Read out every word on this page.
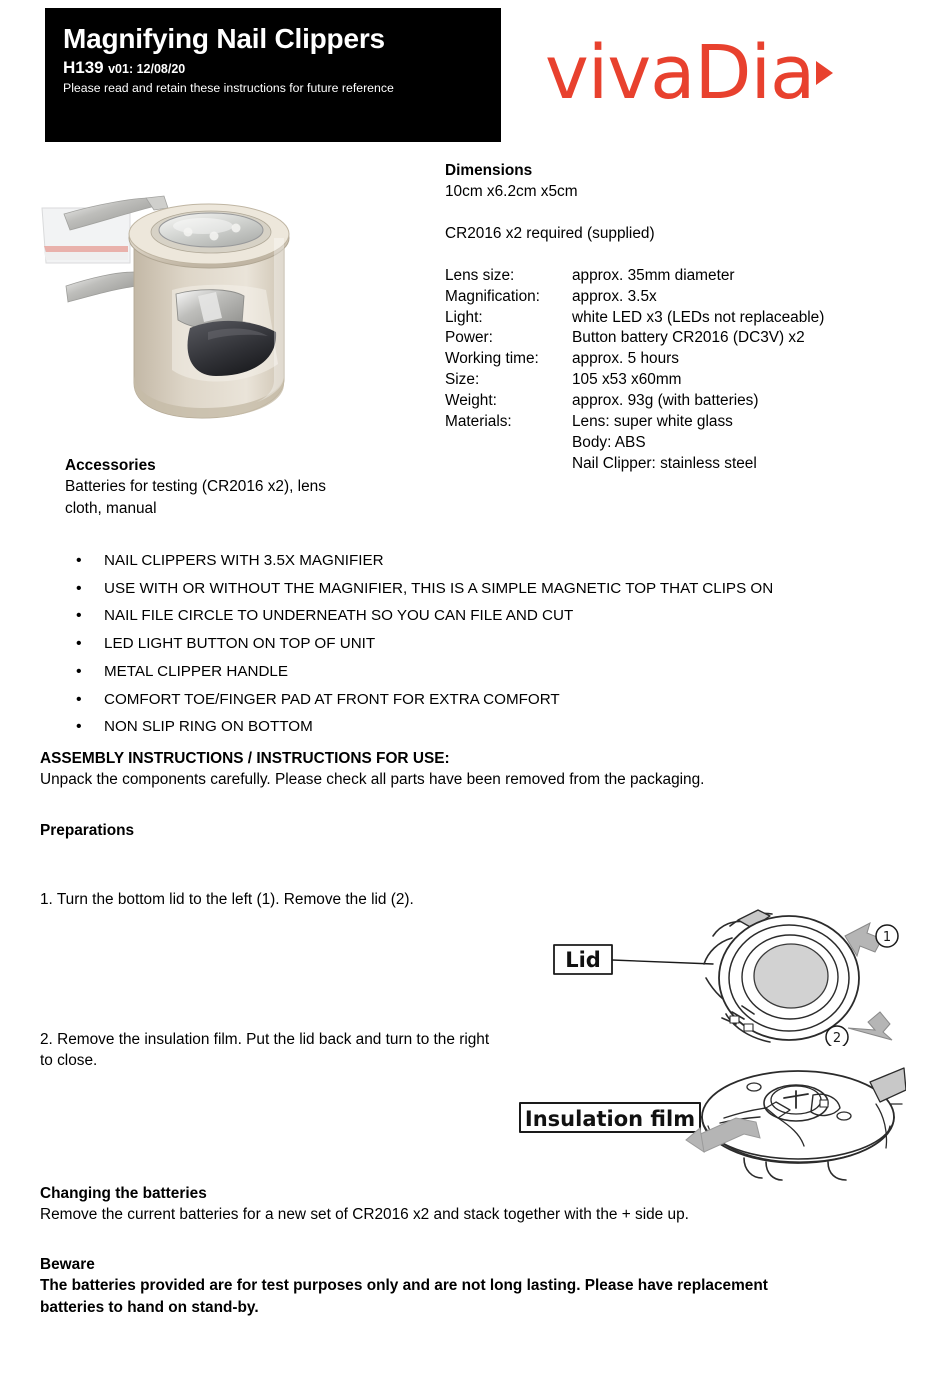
Magnifying Nail Clippers
H139 v01: 12/08/20
Please read and retain these instructions for future reference	vivaDia
Dimensions
10cm x6.2cm x5cm
CR2016 x2 required (supplied)
Lens size:	approx. 35mm diameter
Magnification:	approx. 3.5x
Light:	white LED x3 (LEDs not replaceable)
Power:	Button battery CR2016 (DC3V) x2
Working time:	approx. 5 hours
Size:	105 x53 x60mm
Weight:	approx. 93g (with batteries)
Materials:	Lens: super white glass
	Body: ABS
	Nail Clipper: stainless steel
Accessories
Batteries for testing (CR2016 x2), lens
cloth, manual
• NAIL CLIPPERS WITH 3.5X MAGNIFIER
• USE WITH OR WITHOUT THE MAGNIFIER, THIS IS A SIMPLE MAGNETIC TOP THAT CLIPS ON
• NAIL FILE CIRCLE TO UNDERNEATH SO YOU CAN FILE AND CUT
• LED LIGHT BUTTON ON TOP OF UNIT
• METAL CLIPPER HANDLE
• COMFORT TOE/FINGER PAD AT FRONT FOR EXTRA COMFORT
• NON SLIP RING ON BOTTOM
ASSEMBLY INSTRUCTIONS / INSTRUCTIONS FOR USE:
Unpack the components carefully. Please check all parts have been removed from the packaging.
Preparations
1. Turn the bottom lid to the left (1). Remove the lid (2).
1
2
Lid
2. Remove the insulation film. Put the lid back and turn to the right to close.
Insulation film
Changing the batteries
Remove the current batteries for a new set of CR2016 x2 and stack together with the + side up.
Beware
The batteries provided are for test purposes only and are not long lasting. Please have replacement
batteries to hand on stand-by.
